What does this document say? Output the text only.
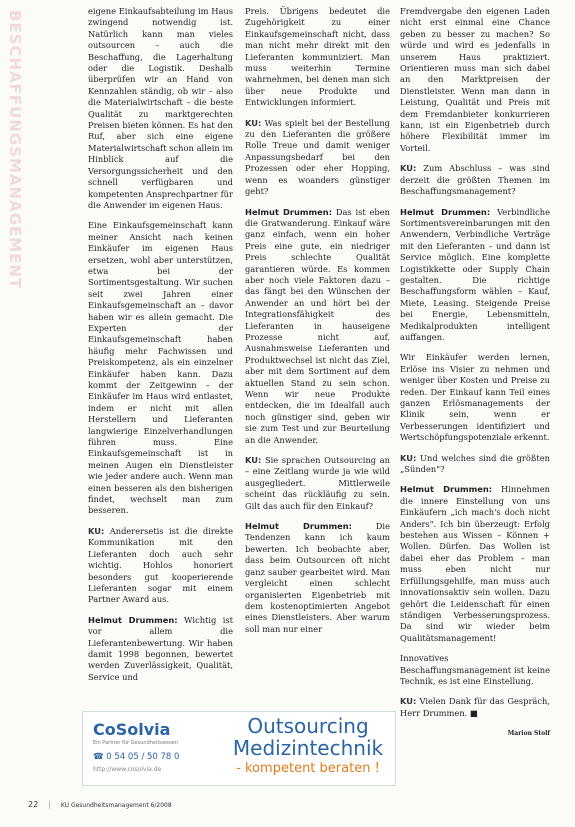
BESCHAFFUNGSMANAGEMENT	eigene Einkaufsabteilung im Haus zwingend notwendig ist. Natürlich kann man vieles outsourcen – auch die Beschaffung, die Lagerhaltung oder die Logistik. Deshalb überprüfen wir an Hand von Kennzahlen ständig, ob wir – also die Materialwirtschaft – die beste Qualität zu marktgerechten Preisen bieten können. Es hat den Ruf, aber sich eine eigene Materialwirtschaft schon allein im Hinblick auf die Versorgungssicherheit und den schnell verfügbaren und kompetenten Ansprechpartner für die Anwender im eigenen Haus.

Eine Einkaufsgemeinschaft kann meiner Ansicht nach keinen Einkäufer im eigenen Haus ersetzen, wohl aber unterstützen, etwa bei der Sortimentsgestaltung. Wir suchen seit zwei Jahren einer Einkaufsgemeinschaft an – davor haben wir es allein gemacht. Die Experten der Einkaufsgemeinschaft haben häufig mehr Fachwissen und Preiskompetenz, als ein einzelner Einkäufer haben kann. Dazu kommt der Zeitgewinn – der Einkäufer im Haus wird entlastet, indem er nicht mit allen Herstellern und Lieferanten langwierige Einzelverhandlungen führen muss. Eine Einkaufsgemeinschaft ist in meinen Augen ein Dienstleister wie jeder andere auch. Wenn man einen besseren als den bisherigen findet, wechselt man zum besseren.

KU: Anderersetis ist die direkte Kommunikation mit den Lieferanten doch auch sehr wichtig. Hohlos honoriert besonders gut kooperierende Lieferanten sogar mit einem Partner Award aus.

Helmut Drummen: Wichtig ist vor allem die Lieferantenbewertung. Wir haben damit 1998 begonnen, bewertet werden Zuverlässigkeit, Qualität, Service und

Preis. Übrigens bedeutet die Zugehörigkeit zu einer Einkaufsgemeinschaft nicht, dass man nicht mehr direkt mit den Lieferanten kommuniziert. Man muss weiterhin Termine wahrnehmen, bei denen man sich über neue Produkte und Entwicklungen informiert.

KU: Was spielt bei der Bestellung zu den Lieferanten die größere Rolle Treue und damit weniger Anpassungsbedarf bei den Prozessen oder eher Hopping, wenn es woanders günstiger geht?

Helmut Drummen: Das ist eben die Gratwanderung. Einkauf wäre ganz einfach, wenn ein hoher Preis eine gute, ein niedriger Preis schlechte Qualität garantieren würde. Es kommen aber noch viele Faktoren dazu – das fängt bei den Wünschen der Anwender an und hört bei der Integrationsfähigkeit des Lieferanten in hauseigene Prozesse nicht auf. Ausnahmsweise Lieferanten und Produktwechsel ist nicht das Ziel, aber mit dem Sortiment auf dem aktuellen Stand zu sein schon. Wenn wir neue Produkte entdecken, die im Idealfall auch noch günstiger sind, geben wir sie zum Test und zur Beurteilung an die Anwender.

KU: Sie sprachen Outsourcing an – eine Zeitlang wurde ja wie wild ausgegliedert. Mittlerweile scheint das rückläufig zu sein. Gilt das auch für den Einkauf?

Helmut Drummen:	Die Tendenzen kann ich kaum bewerten. Ich beobachte aber, dass beim Outsourcen oft nicht ganz sauber gearbeitet wird. Man vergleicht einen schlecht organisierten Eigenbetrieb mit dem kostenoptimierten Angebot eines Dienstleisters. Aber warum soll man nur einer

Fremdvergabe den eigenen Laden nicht erst einmal eine Chance geben zu besser zu machen? So würde und wird es jedenfalls in unserem Haus praktiziert. Orientieren muss man sich dabei an den Marktpreisen der Dienstleister. Wenn man dann in Leistung, Qualität und Preis mit dem Fremdanbieter konkurrieren kann, ist ein Eigenbetrieb durch höhere Flexibilität immer im Vorteil.

KU: Zum Abschluss – was sind derzeit die größten Themen im Beschaffungsmanagement?

Helmut Drummen: Verbindliche Sortimentsvereinbarungen mit den Anwendern, Verbindliche Verträge mit den Lieferanten – und dann ist Service möglich. Eine komplette Logistikkette oder Supply Chain gestalten. Die richtige Beschaffungsform wählen – Kauf, Miete, Leasing. Steigende Preise bei Energie, Lebensmitteln, Medikalprodukten intelligent auffangen.

Wir Einkäufer werden lernen, Erlöse ins Visier zu nehmen und weniger über Kosten und Preise zu reden. Der Einkauf kann Teil eines ganzen Erlösmanagements der Klinik sein, wenn er Verbesserungen identifiziert und Wertschöpfungspotenziale erkennt.

KU: Und welches sind die größten „Sünden"?

Helmut Drummen: Hinnehmen die innere Einstellung von uns Einkäufern „ich mach's doch nicht Anders". Ich bin überzeugt: Erfolg bestehen aus Wissen – Können + Wollen. Dürfen. Das Wollen ist dabei eher das Problem – man muss eben nicht nur Erfüllungsgehilfe, man muss auch innovationsaktiv sein wollen. Dazu gehört die Leidenschaft für einen ständigen Verbesserungsprozess. Da sind wir wieder beim Qualitätsmanagement!

Innovatives Beschaffungsmanagement ist keine Technik, es ist eine Einstellung.

KU: Vielen Dank für das Gespräch, Herr Drummen. ■

Marion Stolf

CoSolvia
Ein Partner für Gesundheitswesen
☎ 0 54 05 / 50 78 0
http://www.cosolvia.de
Outsourcing
Medizintechnik
- kompetent beraten !
22 | KU Gesundheitsmanagement 6/2008
